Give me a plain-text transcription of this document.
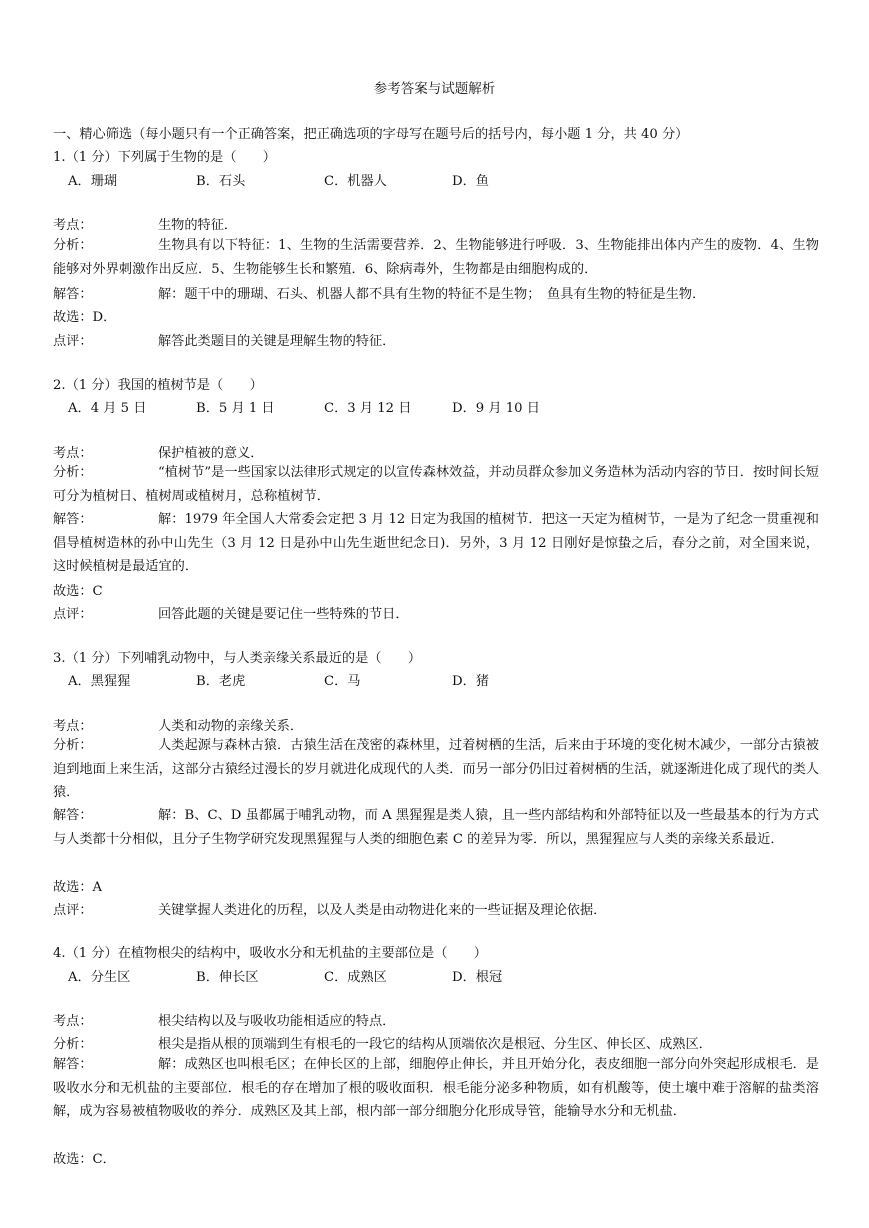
参考答案与试题解析
一、精心筛选（每小题只有一个正确答案，把正确选项的字母写在题号后的括号内，每小题 1 分，共 40 分）
1.（1 分）下列属于生物的是（　　）
A．珊瑚	B．石头	C．机器人	D．鱼
考点：	生物的特征．
分析：	生物具有以下特征：1、生物的生活需要营养．2、生物能够进行呼吸．3、生物能排出体内产生的废物．4、生物能够对外界刺激作出反应．5、生物能够生长和繁殖．6、除病毒外，生物都是由细胞构成的．
解答：	解：题干中的珊瑚、石头、机器人都不具有生物的特征不是生物；　鱼具有生物的特征是生物．
故选：D．
点评：	解答此类题目的关键是理解生物的特征．
2.（1 分）我国的植树节是（　　）
A．4 月 5 日	B．5 月 1 日	C．3 月 12 日	D．9 月 10 日
考点：	保护植被的意义．
分析：	“植树节”是一些国家以法律形式规定的以宣传森林效益，并动员群众参加义务造林为活动内容的节日．按时间长短可分为植树日、植树周或植树月，总称植树节．
解答：	解：1979 年全国人大常委会定把 3 月 12 日定为我国的植树节．把这一天定为植树节，一是为了纪念一贯重视和倡导植树造林的孙中山先生（3 月 12 日是孙中山先生逝世纪念日)．另外，3 月 12 日刚好是惊蛰之后，春分之前，对全国来说，这时候植树是最适宜的．
故选：C
点评：	回答此题的关键是要记住一些特殊的节日．
3.（1 分）下列哺乳动物中，与人类亲缘关系最近的是（　　）
A．黑猩猩	B．老虎	C．马	D．猪
考点：	人类和动物的亲缘关系．
分析：	人类起源与森林古猿．古猿生活在茂密的森林里，过着树栖的生活，后来由于环境的变化树木减少，一部分古猿被迫到地面上来生活，这部分古猿经过漫长的岁月就进化成现代的人类．而另一部分仍旧过着树栖的生活，就逐渐进化成了现代的类人猿．
解答：	解：B、C、D 虽都属于哺乳动物，而 A 黑猩猩是类人猿，且一些内部结构和外部特征以及一些最基本的行为方式与人类都十分相似，且分子生物学研究发现黑猩猩与人类的细胞色素 C 的差异为零．所以，黑猩猩应与人类的亲缘关系最近．
故选：A
点评：	关键掌握人类进化的历程，以及人类是由动物进化来的一些证据及理论依据．
4.（1 分）在植物根尖的结构中，吸收水分和无机盐的主要部位是（　　）
A．分生区	B．伸长区	C．成熟区	D．根冠
考点：	根尖结构以及与吸收功能相适应的特点．
分析：	根尖是指从根的顶端到生有根毛的一段它的结构从顶端依次是根冠、分生区、伸长区、成熟区．
解答：	解：成熟区也叫根毛区；在伸长区的上部，细胞停止伸长，并且开始分化，表皮细胞一部分向外突起形成根毛．是吸收水分和无机盐的主要部位．根毛的存在增加了根的吸收面积．根毛能分泌多种物质，如有机酸等，使土壤中难于溶解的盐类溶解，成为容易被植物吸收的养分．成熟区及其上部，根内部一部分细胞分化形成导管，能输导水分和无机盐．
故选：C．
